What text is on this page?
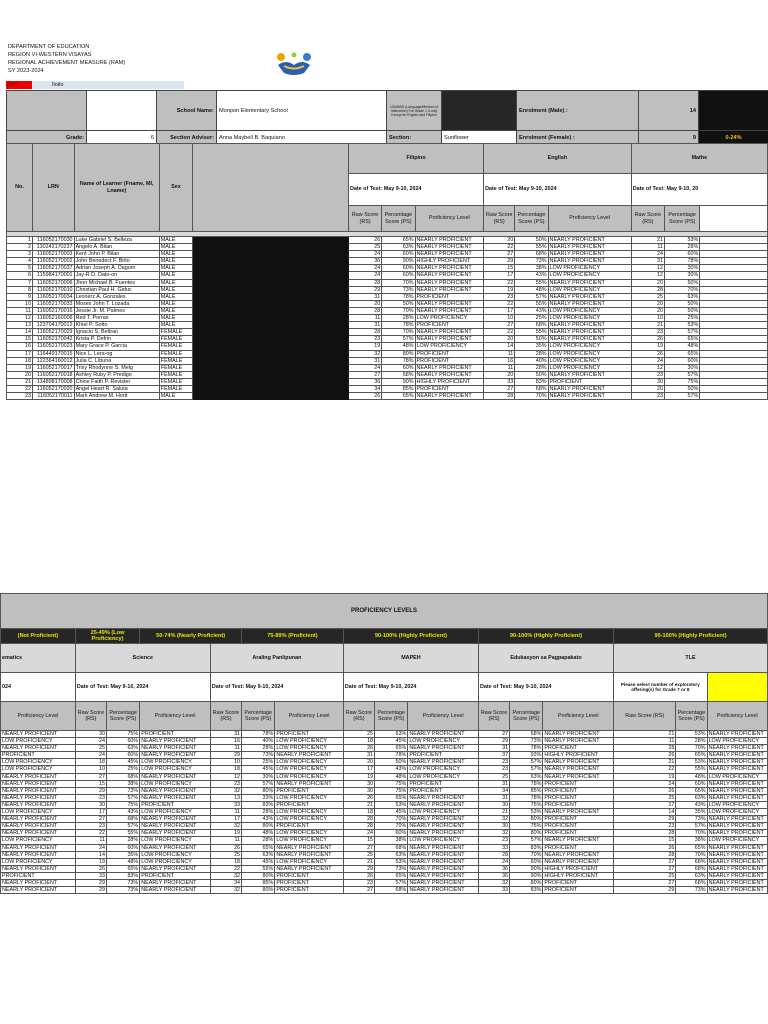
DEPARTMENT OF EDUCATION
REGION VI-WESTERN VISAYAS
REGIONAL ACHIEVEMENT MEASURE (RAM)
SY 2023-2024
SDO:	Iloilo
		School Name:	Monpon Elementary School	LDM/MOI (Language/Medium of Instruction) For Grade 1-3 only Except for English and Filipino		Enrolment (Male) :	14	
Grade:	6	Section Adviser:	Anna Maybell B. Baquiano	Section:	Sunflower	Enrolment (Female) :	9	0-24%
No.	LRN	Name of Learner (Fname, MI, Lname)	Sex				Filipino			English			Mathe		
							Date of Test: May 9-10, 2024			Date of Test: May 9-10, 2024			Date of Test: May 9-10, 20		
							Raw Score (RS)	Percentage Score (PS)	Proficiency Level	Raw Score (RS)	Percentage Score (PS)	Proficiency Level	Raw Score (RS)	Percentage Score (PS)	

1	116052170030	Luke Gabriel S. Belleza	MALE				26	65%	NEARLY PROFICIENT	20	50%	NEARLY PROFICIENT	21	53%	
2	130242170237	Angelo A. Bilan	MALE				25	63%	NEARLY PROFICIENT	22	55%	NEARLY PROFICIENT	11	28%	
3	116052170003	Kent John P. Bilan	MALE				24	60%	NEARLY PROFICIENT	27	68%	NEARLY PROFICIENT	24	60%	
4	116052170002	John Benedect F. Brito	MALE				36	90%	HIGHLY PROFICIENT	29	73%	NEARLY PROFICIENT	31	78%	
5	116052170037	Adrian Joseph A. Dagum	MALE				24	60%	NEARLY PROFICIENT	15	38%	LOW PROFICIENCY	12	30%	
6	115984170001	Jay-R D. Dato-on	MALE				24	60%	NEARLY PROFICIENT	17	43%	LOW PROFICIENCY	12	30%	
7	116052170006	Jhon Michael B. Fuentes	MALE				28	70%	NEARLY PROFICIENT	22	55%	NEARLY PROFICIENT	20	50%	
8	116052170010	Christian Paul H. Giduc	MALE				29	73%	NEARLY PROFICIENT	19	48%	LOW PROFICIENCY	28	70%	
9	116052170034	Leonerz A. Gonzales	MALE				31	78%	PROFICIENT	23	57%	NEARLY PROFICIENT	25	63%	
10	116052170033	Moses John T. Lozada	MALE				20	50%	NEARLY PROFICIENT	22	55%	NEARLY PROFICIENT	20	50%	
11	116052170016	Jessie Jr. M. Palmes	MALE				28	70%	NEARLY PROFICIENT	17	43%	LOW PROFICIENCY	20	50%	
12	116052160006	Red T. Porras	MALE				11	28%	LOW PROFICIENCY	10	25%	LOW PROFICIENCY	10	25%	
13	123704170012	Khiel P. Sotto	MALE				31	78%	PROFICIENT	27	68%	NEARLY PROFICIENT	21	53%	
14	116052170029	Ignacio S. Beltran	FEMALE				28	70%	NEARLY PROFICIENT	22	55%	NEARLY PROFICIENT	23	57%	
15	116052170042	Krista P. Defrin	FEMALE				23	57%	NEARLY PROFICIENT	20	50%	NEARLY PROFICIENT	26	65%	
16	116052170023	Mary Grace P. Garcia	FEMALE				19	48%	LOW PROFICIENCY	14	35%	LOW PROFICIENCY	19	48%	
17	116449170015	Nice L. Lera-og	FEMALE				32	80%	PROFICIENT	11	28%	LOW PROFICIENCY	26	65%	
18	122364160012	Julia C. Libuna	FEMALE				31	78%	PROFICIENT	16	40%	LOW PROFICIENCY	24	60%	
19	116052170017	Trixy Rhodynne S. Melg	FEMALE				24	60%	NEARLY PROFICIENT	11	28%	LOW PROFICIENCY	12	30%	
20	116052170018	Ashley Ruby P. Predigo	FEMALE				27	68%	NEARLY PROFICIENT	20	50%	NEARLY PROFICIENT	23	57%	
21	114898170008	Chloe Faith P. Revister	FEMALE				36	90%	HIGHLY PROFICIENT	33	83%	PROFICIENT	30	75%	
22	116052170020	Angel Heart R. Saluta	FEMALE				34	85%	PROFICIENT	27	68%	NEARLY PROFICIENT	20	50%	
23	116052170011	Mark Andrew M. Horti	MALE				26	65%	NEARLY PROFICIENT	28	70%	NEARLY PROFICIENT	23	57%	
PROFICIENCY LEVELS															
(Not Proficient)	25-49% (Low Proficiency)		50-74% (Nearly Proficient)		75-89% (Proficient)		90-100% (Highly Proficient)			90-100% (Highly Proficient)			90-100% (Highly Proficient)		
ematics	Science			Araling Panlipunan			MAPEH			Edukasyon sa Pagpapakato			TLE		
024	Date of Test: May 9-10, 2024			Date of Test: May 9-10, 2024			Date of Test: May 9-10, 2024			Date of Test: May 9-10, 2024			Please select number of exploratory offering(s) for Grade 7 or 8		
Proficiency Level	Raw Score (RS)	Percentage Score (PS)	Proficiency Level	Raw Score (RS)	Percentage Score (PS)	Proficiency Level	Raw Score (RS)	Percentage Score (PS)	Proficiency Level	Raw Score (RS)	Percentage Score (PS)	Proficiency Level	Raw Score (RS)	Percentage Score (PS)	Proficiency Level
NEARLY PROFICIENT	30	75%	PROFICIENT	31	78%	PROFICIENT	25	63%	NEARLY PROFICIENT	27	68%	NEARLY PROFICIENT	21	53%	NEARLY PROFICIENT
LOW PROFICIENCY	24	60%	NEARLY PROFICIENT	16	40%	LOW PROFICIENCY	18	45%	LOW PROFICIENCY	29	73%	NEARLY PROFICIENT	11	28%	LOW PROFICIENCY
NEARLY PROFICIENT	25	63%	NEARLY PROFICIENT	11	28%	LOW PROFICIENCY	26	65%	NEARLY PROFICIENT	31	78%	PROFICIENT	28	70%	NEARLY PROFICIENT
PROFICIENT	24	60%	NEARLY PROFICIENT	29	73%	NEARLY PROFICIENT	31	78%	PROFICIENT	37	93%	HIGHLY PROFICIENT	26	65%	NEARLY PROFICIENT
LOW PROFICIENCY	18	45%	LOW PROFICIENCY	10	25%	LOW PROFICIENCY	20	50%	NEARLY PROFICIENT	23	57%	NEARLY PROFICIENT	21	53%	NEARLY PROFICIENT
LOW PROFICIENCY	10	25%	LOW PROFICIENCY	18	45%	LOW PROFICIENCY	17	43%	LOW PROFICIENCY	23	57%	NEARLY PROFICIENT	22	55%	NEARLY PROFICIENT
NEARLY PROFICIENT	27	68%	NEARLY PROFICIENT	12	30%	LOW PROFICIENCY	19	48%	LOW PROFICIENCY	25	63%	NEARLY PROFICIENT	19	48%	LOW PROFICIENCY
NEARLY PROFICIENT	15	38%	LOW PROFICIENCY	23	57%	NEARLY PROFICIENT	30	75%	PROFICIENT	31	78%	PROFICIENT	24	60%	NEARLY PROFICIENT
NEARLY PROFICIENT	29	73%	NEARLY PROFICIENT	32	80%	PROFICIENT	30	75%	PROFICIENT	34	85%	PROFICIENT	26	65%	NEARLY PROFICIENT
NEARLY PROFICIENT	23	57%	NEARLY PROFICIENT	13	33%	LOW PROFICIENCY	26	65%	NEARLY PROFICIENT	31	78%	PROFICIENT	25	63%	NEARLY PROFICIENT
NEARLY PROFICIENT	30	75%	PROFICIENT	33	83%	PROFICIENT	21	53%	NEARLY PROFICIENT	30	75%	PROFICIENT	17	43%	LOW PROFICIENCY
LOW PROFICIENCY	17	43%	LOW PROFICIENCY	11	28%	LOW PROFICIENCY	18	45%	LOW PROFICIENCY	21	53%	NEARLY PROFICIENT	14	35%	LOW PROFICIENCY
NEARLY PROFICIENT	27	68%	NEARLY PROFICIENT	17	43%	LOW PROFICIENCY	28	70%	NEARLY PROFICIENT	32	80%	PROFICIENT	29	73%	NEARLY PROFICIENT
NEARLY PROFICIENT	23	57%	NEARLY PROFICIENT	32	80%	PROFICIENT	28	70%	NEARLY PROFICIENT	30	75%	PROFICIENT	23	57%	NEARLY PROFICIENT
NEARLY PROFICIENT	22	55%	NEARLY PROFICIENT	19	48%	LOW PROFICIENCY	24	60%	NEARLY PROFICIENT	32	80%	PROFICIENT	28	70%	NEARLY PROFICIENT
LOW PROFICIENCY	11	28%	LOW PROFICIENCY	11	28%	LOW PROFICIENCY	15	38%	LOW PROFICIENCY	23	57%	NEARLY PROFICIENT	15	38%	LOW PROFICIENCY
NEARLY PROFICIENT	24	60%	NEARLY PROFICIENT	26	65%	NEARLY PROFICIENT	27	68%	NEARLY PROFICIENT	33	83%	PROFICIENT	26	65%	NEARLY PROFICIENT
NEARLY PROFICIENT	14	35%	LOW PROFICIENCY	25	63%	NEARLY PROFICIENT	25	63%	NEARLY PROFICIENT	28	70%	NEARLY PROFICIENT	28	70%	NEARLY PROFICIENT
LOW PROFICIENCY	19	48%	LOW PROFICIENCY	18	45%	LOW PROFICIENCY	21	53%	NEARLY PROFICIENT	24	60%	NEARLY PROFICIENT	27	68%	NEARLY PROFICIENT
NEARLY PROFICIENT	26	65%	NEARLY PROFICIENT	22	55%	NEARLY PROFICIENT	29	73%	NEARLY PROFICIENT	36	90%	HIGHLY PROFICIENT	27	68%	NEARLY PROFICIENT
PROFICIENT	33	83%	PROFICIENT	32	80%	PROFICIENT	26	65%	NEARLY PROFICIENT	36	90%	HIGHLY PROFICIENT	25	63%	NEARLY PROFICIENT
NEARLY PROFICIENT	29	73%	NEARLY PROFICIENT	34	85%	PROFICIENT	23	57%	NEARLY PROFICIENT	32	80%	PROFICIENT	27	68%	NEARLY PROFICIENT
NEARLY PROFICIENT	29	73%	NEARLY PROFICIENT	32	80%	PROFICIENT	27	68%	NEARLY PROFICIENT	33	83%	PROFICIENT	29	73%	NEARLY PROFICIENT
